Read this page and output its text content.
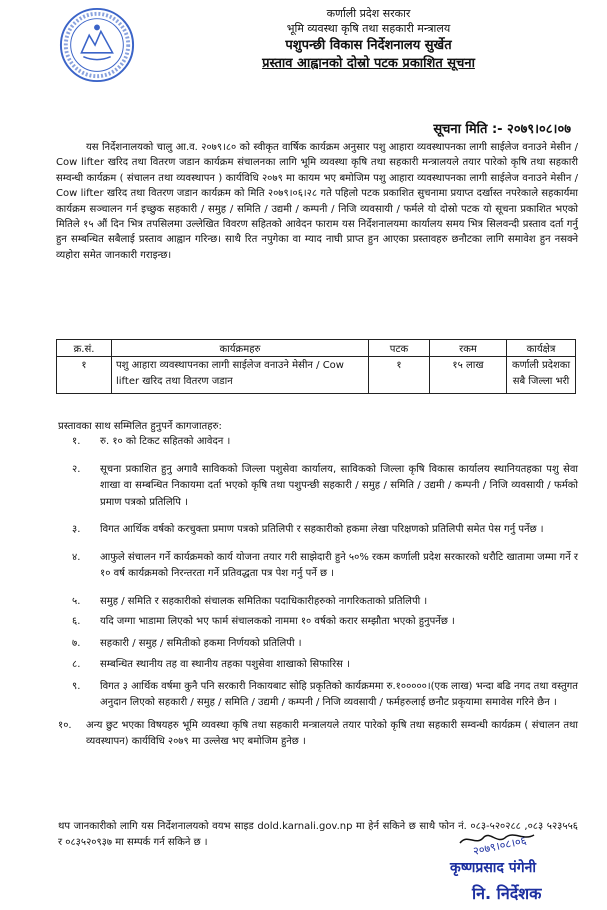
कर्णाली प्रदेश सरकार
भूमि व्यवस्था कृषि तथा सहकारी मन्त्रालय
पशुपन्छी विकास निर्देशनालय सुर्खेत
प्रस्ताव आह्वानको दोस्रो पटक प्रकाशित सूचना
सूचना मिति :- २०७९।०८।०७

यस निर्देशनालयको चालु आ.व. २०७९।८० को स्वीकृत वार्षिक कार्यक्रम अनुसार पशु आहारा व्यवस्थापनका लागी साईलेज वनाउने मेसीन / Cow lifter खरिद तथा वितरण जडान कार्यक्रम संचालनका लागि भूमि व्यवस्था कृषि तथा सहकारी मन्त्रालयले तयार पारेको कृषि तथा सहकारी सम्वन्धी कार्यक्रम ( संचालन तथा व्यवस्थापन ) कार्यविधि २०७९ मा कायम भए बमोजिम पशु आहारा व्यवस्थापनका लागी साईलेज वनाउने मेसीन / Cow lifter खरिद तथा वितरण जडान कार्यक्रम को मिति २०७९।०६।२८ गते पहिलो पटक प्रकाशित सुचनामा प्रयाप्त दर्खास्त नपरेकाले सहकार्यमा कार्यक्रम सञ्चालन गर्न इच्छुक सहकारी / समुह / समिति / उद्यमी / कम्पनी / निजि व्यवसायी / फर्मले यो दोस्रो पटक यो सूचना प्रकाशित भएको मितिले १५ औं दिन भित्र तपसिलमा उल्लेखित विवरण सहितको आवेदन फाराम यस निर्देशनालयमा कार्यालय समय भित्र सिलवन्दी प्रस्ताव दर्ता गर्नु हुन सम्बन्धित सबैलाई प्रस्ताव आह्वान गरिन्छ। साथै रित नपुगेका वा म्याद नाघी प्राप्त हुन आएका प्रस्तावहरु छनौटका लागि समावेश हुन नसक्ने व्यहोरा समेत जानकारी गराइन्छ।

क्र.सं.	कार्यक्रमहरु	पटक	रकम	कार्यक्षेत्र
१	पशु आहारा व्यवस्थापनका लागी साईलेज वनाउने मेसीन / Cow lifter खरिद तथा वितरण जडान	१	१५ लाख	कर्णाली प्रदेशका सबै जिल्ला भरी
प्रस्तावका साथ सम्मिलित हुनुपर्ने कागजातहरु:
१. रु. १० को टिकट सहितको आवेदन ।
२. सूचना प्रकाशित हुनु अगावै साविकको जिल्ला पशुसेवा कार्यालय, साविकको जिल्ला कृषि विकास कार्यालय स्थानियतहका पशु सेवा शाखा वा सम्बन्धित निकायमा दर्ता भएको कृषि तथा पशुपन्छी सहकारी / समुह / समिति / उद्यमी / कम्पनी / निजि व्यवसायी / फर्मको प्रमाण पत्रको प्रतिलिपि ।
३. विगत आर्थिक वर्षको करचुक्ता प्रमाण पत्रको प्रतिलिपी र सहकारीको हकमा लेखा परिक्षणको प्रतिलिपी समेत पेस गर्नु पर्नेछ ।
४. आफुले संचालन गर्ने कार्यक्रमको कार्य योजना तयार गरी साझेदारी हुने ५०% रकम कर्णाली प्रदेश सरकारको धरौटि खातामा जम्मा गर्ने र १० वर्ष कार्यक्रमको निरन्तरता गर्ने प्रतिवद्धता पत्र पेश गर्नु पर्ने छ ।
५. समुह / समिति र सहकारीको संचालक समितिका पदाधिकारीहरुको नागरिकताको प्रतिलिपी ।
६. यदि जग्गा भाडामा लिएको भए फार्म संचालकको नाममा १० वर्षको करार सम्झौता भएको हुनुपर्नेछ ।
७. सहकारी / समुह / समितीको हकमा निर्णयको प्रतिलिपी ।
८. सम्बन्धित स्थानीय तह वा स्थानीय तहका पशुसेवा शाखाको सिफारिस ।
९. विगत ३ आर्थिक वर्षमा कुनै पनि सरकारी निकायबाट सोहि प्रकृतिको कार्यक्रममा रु.१०००००।(एक लाख) भन्दा बढि नगद तथा वस्तुगत अनुदान लिएको सहकारी / समुह / समिति / उद्यमी / कम्पनी / निजि व्यवसायी / फर्महरुलाई छनौट प्रकृयामा समावेस गरिने छैन ।
१०. अन्य छुट भएका विषयहरु भूमि व्यवस्था कृषि तथा सहकारी मन्त्रालयले तयार पारेको कृषि तथा सहकारी सम्वन्धी कार्यक्रम ( संचालन तथा व्यवस्थापन) कार्यविधि २०७९ मा उल्लेख भए बमोजिम हुनेछ ।

थप जानकारीको लागि यस निर्देशनालयको वयभ साइड dold.karnali.gov.np मा हेर्न सकिने छ साथै फोन नं. ०८३-५२०२८८ ,०८३ ५२३५५६ र ०८३५२०९३७ मा सम्पर्क गर्न सकिने छ ।	२०७९।०८।०६
कृष्णप्रसाद पंगेनी
नि. निर्देशक
